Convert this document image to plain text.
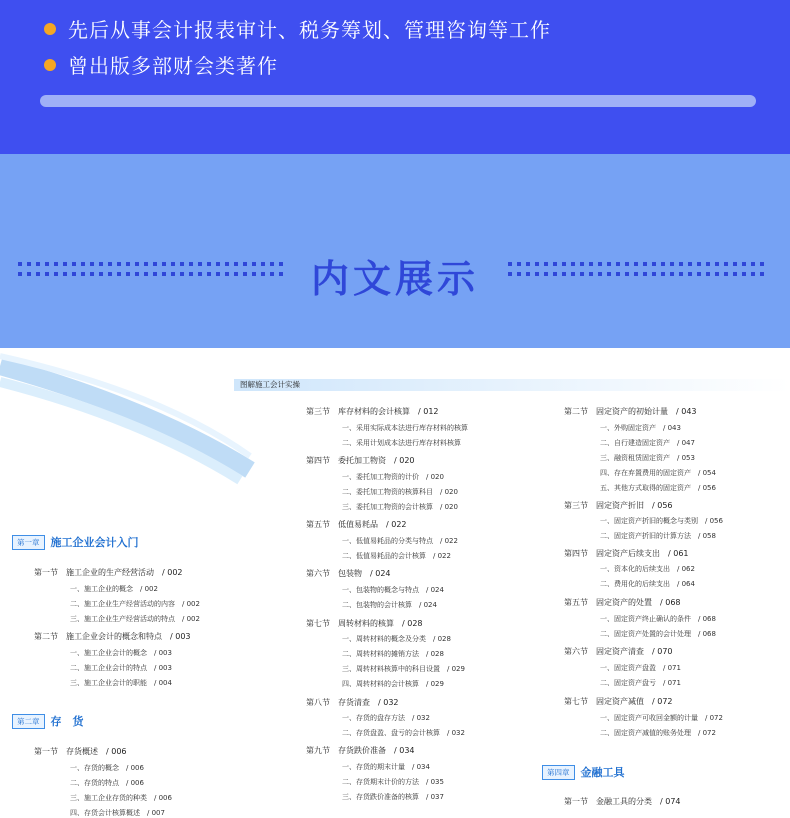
先后从事会计报表审计、税务筹划、管理咨询等工作
曾出版多部财会类著作
内文展示
图解施工会计实操
第一章	施工企业会计入门
第二章	存　货
第四章	金融工具
第一节　施工企业的生产经营活动　/ 002
一、施工企业的概念　/ 002
二、施工企业生产经营活动的内容　/ 002
三、施工企业生产经营活动的特点　/ 002
第二节　施工企业会计的概念和特点　/ 003
一、施工企业会计的概念　/ 003
二、施工企业会计的特点　/ 003
三、施工企业会计的职能　/ 004
第一节　存货概述　/ 006
一、存货的概念　/ 006
二、存货的特点　/ 006
三、施工企业存货的种类　/ 006
四、存货会计核算概述　/ 007
第三节　库存材料的会计核算　/ 012
一、采用实际成本法进行库存材料的核算
二、采用计划成本法进行库存材料核算
第四节　委托加工物资　/ 020
一、委托加工物资的计价　/ 020
二、委托加工物资的核算科目　/ 020
三、委托加工物资的会计核算　/ 020
第五节　低值易耗品　/ 022
一、低值易耗品的分类与特点　/ 022
二、低值易耗品的会计核算　/ 022
第六节　包装物　/ 024
一、包装物的概念与特点　/ 024
二、包装物的会计核算　/ 024
第七节　周转材料的核算　/ 028
一、周转材料的概念及分类　/ 028
二、周转材料的摊销方法　/ 028
三、周转材料核算中的科目设置　/ 029
四、周转材料的会计核算　/ 029
第八节　存货清查　/ 032
一、存货的盘存方法　/ 032
二、存货盘盈、盘亏的会计核算　/ 032
第九节　存货跌价准备　/ 034
一、存货的期末计量　/ 034
二、存货期末计价的方法　/ 035
三、存货跌价准备的核算　/ 037
第二节　固定资产的初始计量　/ 043
一、外购固定资产　/ 043
二、自行建造固定资产　/ 047
三、融资租赁固定资产　/ 053
四、存在弃置费用的固定资产　/ 054
五、其他方式取得的固定资产　/ 056
第三节　固定资产折旧　/ 056
一、固定资产折旧的概念与类别　/ 056
二、固定资产折旧的计算方法　/ 058
第四节　固定资产后续支出　/ 061
一、资本化的后续支出　/ 062
二、费用化的后续支出　/ 064
第五节　固定资产的处置　/ 068
一、固定资产终止确认的条件　/ 068
二、固定资产处置的会计处理　/ 068
第六节　固定资产清查　/ 070
一、固定资产盘盈　/ 071
二、固定资产盘亏　/ 071
第七节　固定资产减值　/ 072
一、固定资产可收回金额的计量　/ 072
二、固定资产减值的账务处理　/ 072
第一节　金融工具的分类　/ 074
